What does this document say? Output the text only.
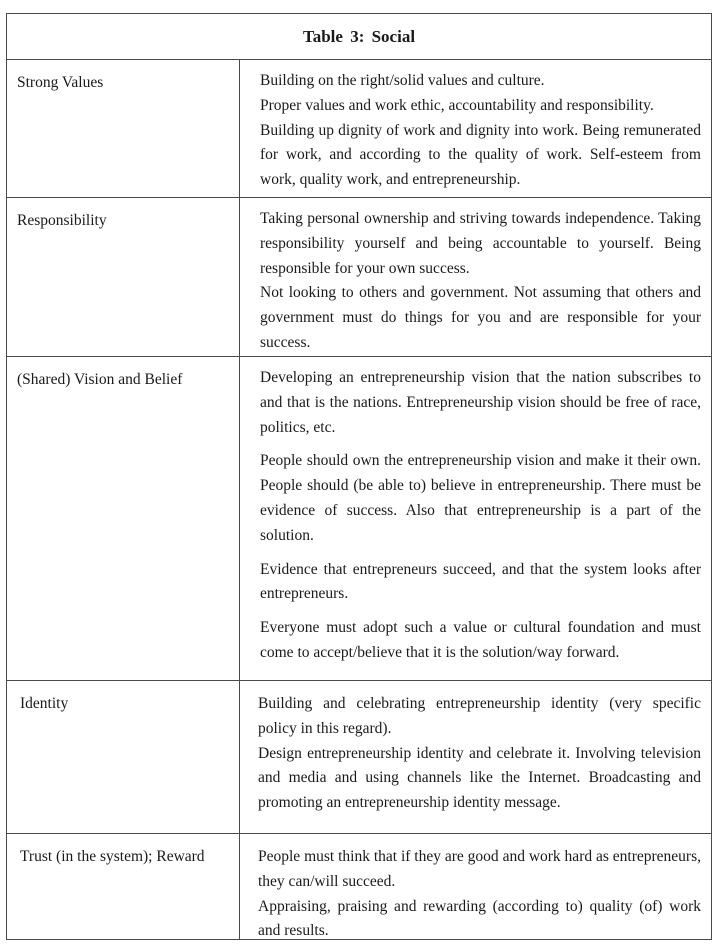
Table 3: Social
Strong Values	Building on the right/solid values and culture.

Proper values and work ethic, accountability and responsibility.

Building up dignity of work and dignity into work. Being remunerated for work, and according to the quality of work. Self-esteem from work, quality work, and entrepreneurship.

Responsibility	Taking personal ownership and striving towards independence. Taking responsibility yourself and being accountable to yourself. Being responsible for your own success.

Not looking to others and government. Not assuming that others and government must do things for you and are responsible for your success.

(Shared) Vision and Belief	Developing an entrepreneurship vision that the nation subscribes to and that is the nations. Entrepreneurship vision should be free of race, politics, etc.

People should own the entrepreneurship vision and make it their own. People should (be able to) believe in entrepreneurship. There must be evidence of success. Also that entrepreneurship is a part of the solution.

Evidence that entrepreneurs succeed, and that the system looks after entrepreneurs.

Everyone must adopt such a value or cultural foundation and must come to accept/believe that it is the solution/way forward.

Identity	Building and celebrating entrepreneurship identity (very specific policy in this regard).

Design entrepreneurship identity and celebrate it. Involving television and media and using channels like the Internet. Broadcasting and promoting an entrepreneurship identity message.

Trust (in the system); Reward	People must think that if they are good and work hard as entrepreneurs, they can/will succeed.

Appraising, praising and rewarding (according to) quality (of) work and results.
